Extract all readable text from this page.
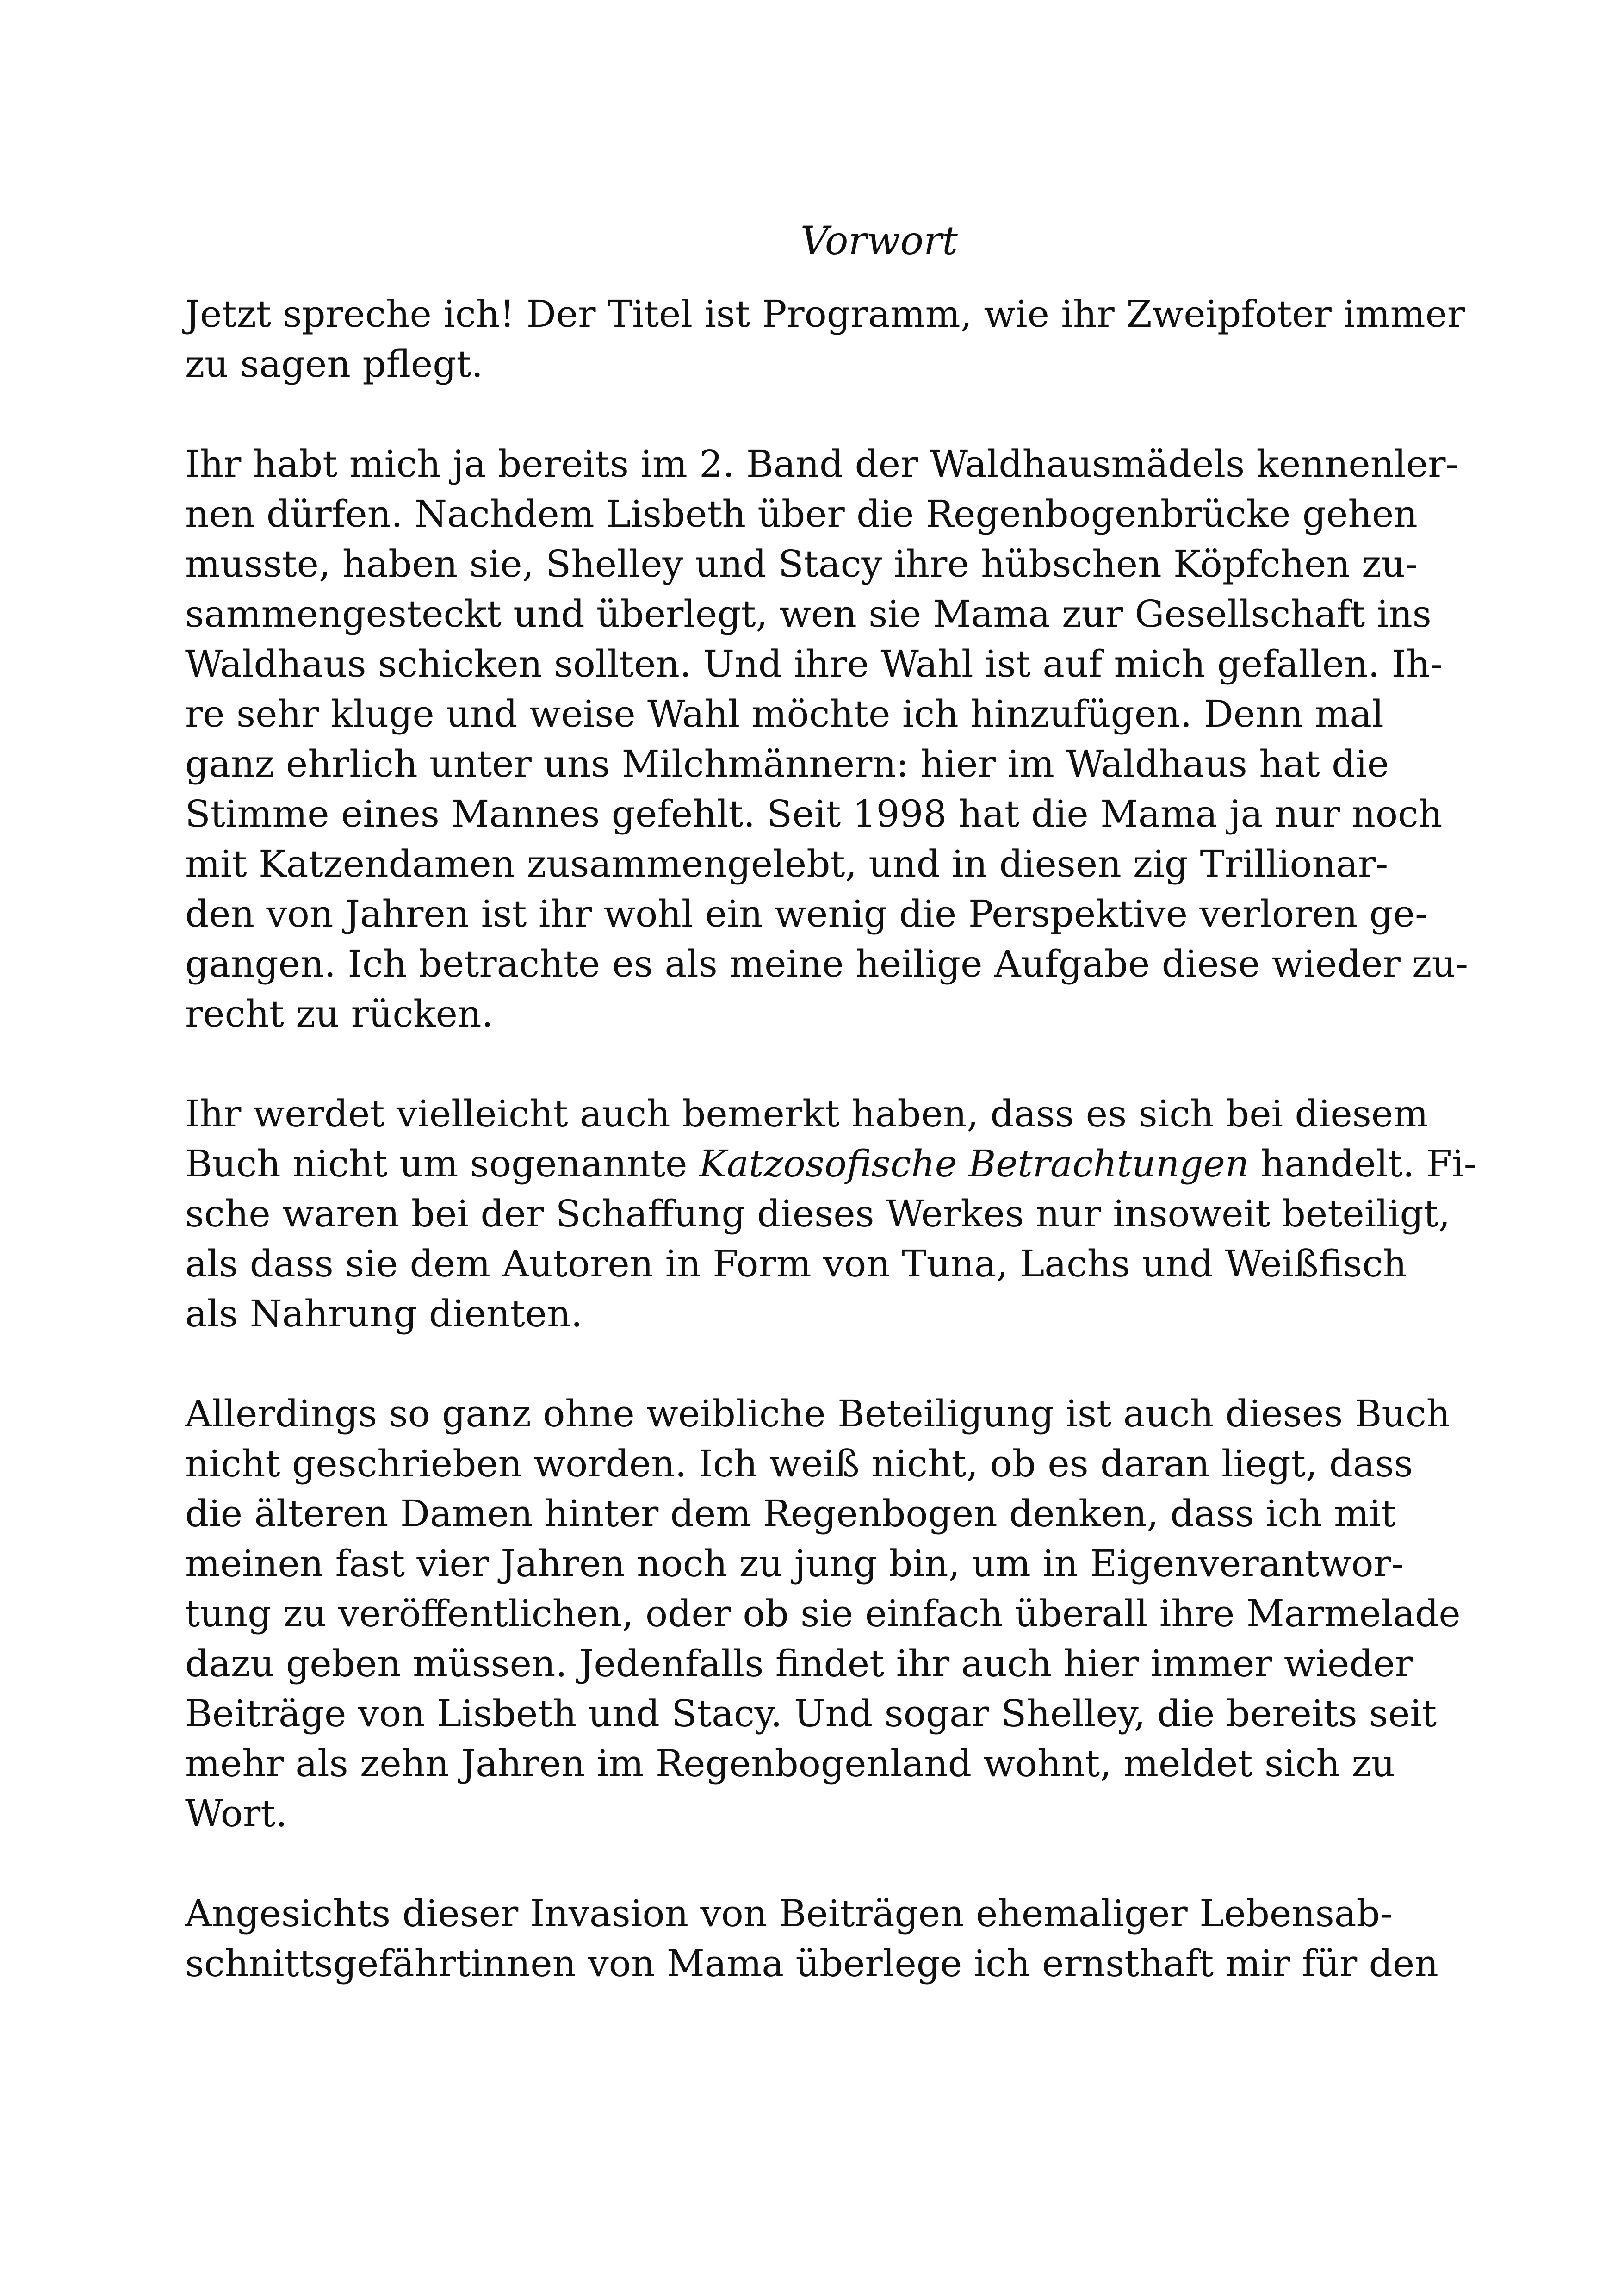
Vorwort
Jetzt spreche ich! Der Titel ist Programm, wie ihr Zweipfoter immer
zu sagen pflegt.
Ihr habt mich ja bereits im 2. Band der Waldhausmädels kennenler-
nen dürfen. Nachdem Lisbeth über die Regenbogenbrücke gehen
musste, haben sie, Shelley und Stacy ihre hübschen Köpfchen zu-
sammengesteckt und überlegt, wen sie Mama zur Gesellschaft ins
Waldhaus schicken sollten. Und ihre Wahl ist auf mich gefallen. Ih-
re sehr kluge und weise Wahl möchte ich hinzufügen. Denn mal
ganz ehrlich unter uns Milchmännern: hier im Waldhaus hat die
Stimme eines Mannes gefehlt. Seit 1998 hat die Mama ja nur noch
mit Katzendamen zusammengelebt, und in diesen zig Trillionar-
den von Jahren ist ihr wohl ein wenig die Perspektive verloren ge-
gangen. Ich betrachte es als meine heilige Aufgabe diese wieder zu-
recht zu rücken.
Ihr werdet vielleicht auch bemerkt haben, dass es sich bei diesem
Buch nicht um sogenannte Katzosofische Betrachtungen handelt. Fi-
sche waren bei der Schaffung dieses Werkes nur insoweit beteiligt,
als dass sie dem Autoren in Form von Tuna, Lachs und Weißfisch
als Nahrung dienten.
Allerdings so ganz ohne weibliche Beteiligung ist auch dieses Buch
nicht geschrieben worden. Ich weiß nicht, ob es daran liegt, dass
die älteren Damen hinter dem Regenbogen denken, dass ich mit
meinen fast vier Jahren noch zu jung bin, um in Eigenverantwor-
tung zu veröffentlichen, oder ob sie einfach überall ihre Marmelade
dazu geben müssen. Jedenfalls findet ihr auch hier immer wieder
Beiträge von Lisbeth und Stacy. Und sogar Shelley, die bereits seit
mehr als zehn Jahren im Regenbogenland wohnt, meldet sich zu
Wort.
Angesichts dieser Invasion von Beiträgen ehemaliger Lebensab-
schnittsgefährtinnen von Mama überlege ich ernsthaft mir für den
